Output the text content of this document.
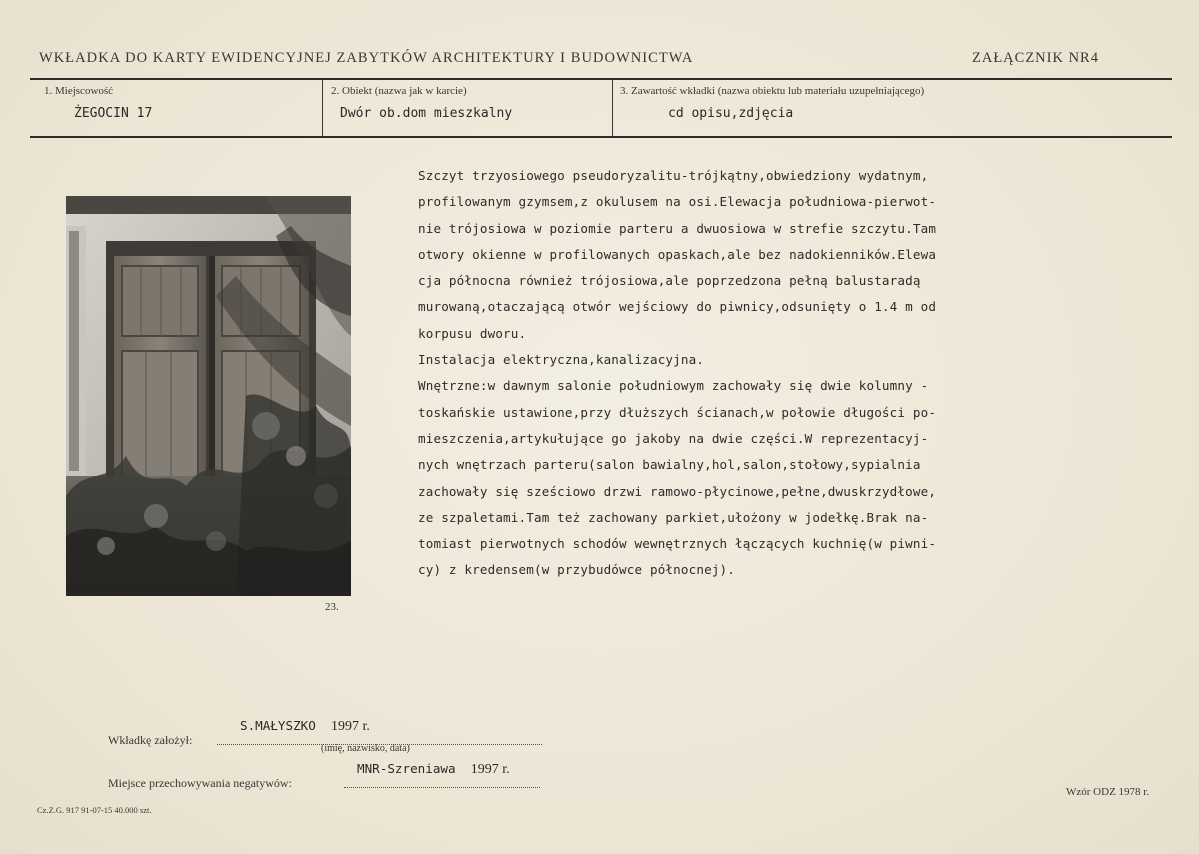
WKŁADKA DO KARTY EWIDENCYJNEJ ZABYTKÓW ARCHITEKTURY I BUDOWNICTWA	ZAŁĄCZNIK NR4
1. Miejscowość
ŻEGOCIN 17
2. Obiekt (nazwa jak w karcie)
Dwór ob.dom mieszkalny
3. Zawartość wkładki (nazwa obiektu lub materiału uzupełniającego)
cd opisu,zdjęcia
Szczyt trzyosiowego pseudoryzalitu-trójkątny,obwiedziony wydatnym,
profilowanym gzymsem,z okulusem na osi.Elewacja południowa-pierwot-
nie trójosiowa w poziomie parteru a dwuosiowa w strefie szczytu.Tam
otwory okienne w profilowanych opaskach,ale bez nadokienników.Elewa
cja północna również trójosiowa,ale poprzedzona pełną balustaradą
murowaną,otaczającą otwór wejściowy do piwnicy,odsunięty o 1.4 m od
korpusu dworu.
Instalacja elektryczna,kanalizacyjna.
Wnętrzne:w dawnym salonie południowym zachowały się dwie kolumny -
toskańskie ustawione,przy dłuższych ścianach,w połowie długości po-
mieszczenia,artykułujące go jakoby na dwie części.W reprezentacyj-
nych wnętrzach parteru(salon bawialny,hol,salon,stołowy,sypialnia
zachowały się sześciowo drzwi ramowo-płycinowe,pełne,dwuskrzydłowe,
ze szpaletami.Tam też zachowany parkiet,ułożony w jodełkę.Brak na-
tomiast pierwotnych schodów wewnętrznych łączących kuchnię(w piwni-
cy) z kredensem(w przybudówce północnej).
23.
Wkładkę założył:
S.MAŁYSZKO 1997 r.
(imię, nazwisko, data)
Miejsce przechowywania negatywów:
MNR-Szreniawa 1997 r.
Cz.Z.G. 917 91-07-15 40.000 szt.
Wzór ODZ 1978 r.
